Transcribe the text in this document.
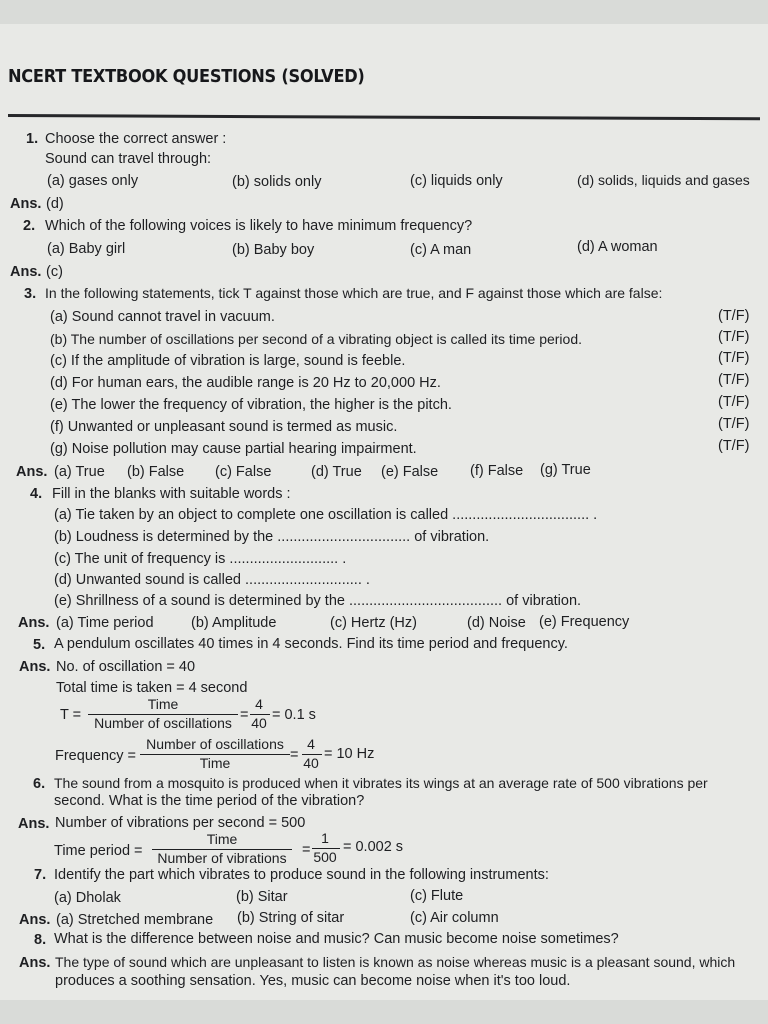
NCERT TEXTBOOK QUESTIONS (SOLVED)
1. Choose the correct answer :
Sound can travel through:
(a) gases only	(b) solids only	(c) liquids only	(d) solids, liquids and gases
Ans. (d)
2. Which of the following voices is likely to have minimum frequency?
(a) Baby girl	(b) Baby boy	(c) A man	(d) A woman
Ans. (c)
3. In the following statements, tick T against those which are true, and F against those which are false:
(a) Sound cannot travel in vacuum.	(T/F)
(b) The number of oscillations per second of a vibrating object is called its time period.	(T/F)
(c) If the amplitude of vibration is large, sound is feeble.	(T/F)
(d) For human ears, the audible range is 20 Hz to 20,000 Hz.	(T/F)
(e) The lower the frequency of vibration, the higher is the pitch.	(T/F)
(f) Unwanted or unpleasant sound is termed as music.	(T/F)
(g) Noise pollution may cause partial hearing impairment.	(T/F)
Ans. (a) True (b) False (c) False	(d) True (e) False (f) False (g) True
4. Fill in the blanks with suitable words :
(a) Tie taken by an object to complete one oscillation is called .................................. .
(b) Loudness is determined by the ................................. of vibration.
(c) The unit of frequency is ........................... .
(d) Unwanted sound is called ............................. .
(e) Shrillness of a sound is determined by the ...................................... of vibration.
Ans. (a) Time period	(b) Amplitude	(c) Hertz (Hz)	(d) Noise (e) Frequency
5. A pendulum oscillates 40 times in 4 seconds. Find its time period and frequency.
Ans. No. of oscillation = 40
Total time is taken = 4 second
T =
Time
Number of oscillations =
4
40 = 0.1 s
Frequency =
Number of oscillations
Time	=
4
40
= 10 Hz
6. The sound from a mosquito is produced when it vibrates its wings at an average rate of 500 vibrations per
second. What is the time period of the vibration?
Ans. Number of vibrations per second = 500
Time period =
Time
Number of vibrations	=
1
500
= 0.002 s
7. Identify the part which vibrates to produce sound in the following instruments:
(a) Dholak	(b) Sitar	(c) Flute
Ans. (a) Stretched membrane (b) String of sitar	(c) Air column
8. What is the difference between noise and music? Can music become noise sometimes?
Ans. The type of sound which are unpleasant to listen is known as noise whereas music is a pleasant sound, which
produces a soothing sensation. Yes, music can become noise when it's too loud.
